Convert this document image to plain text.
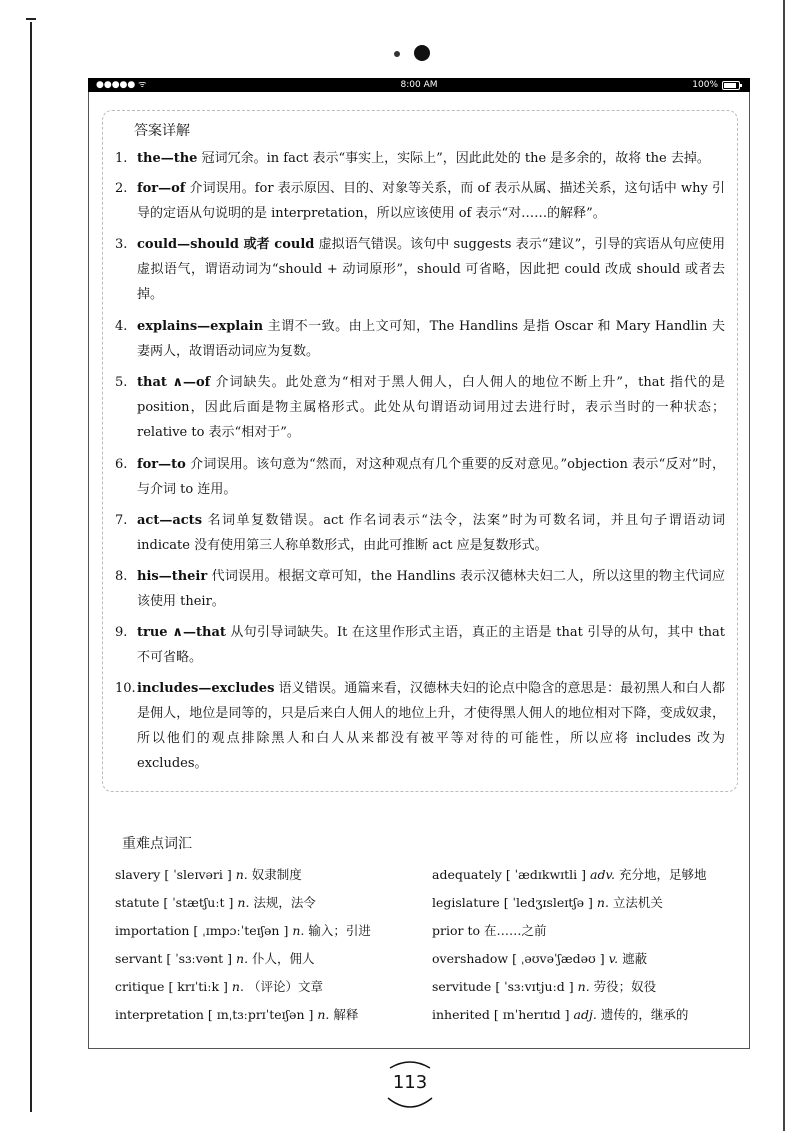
●●●●● ᯤ	8:00 AM	100%
答案详解
1. the—the 冠词冗余。in fact 表示“事实上，实际上”，因此此处的 the 是多余的，故将 the 去掉。
2. for—of 介词误用。for 表示原因、目的、对象等关系，而 of 表示从属、描述关系，这句话中 why 引导的定语从句说明的是 interpretation，所以应该使用 of 表示“对……的解释”。
3. could—should 或者 could 虚拟语气错误。该句中 suggests 表示“建议”，引导的宾语从句应使用虚拟语气，谓语动词为“should + 动词原形”，should 可省略，因此把 could 改成 should 或者去掉。
4. explains—explain 主谓不一致。由上文可知，The Handlins 是指 Oscar 和 Mary Handlin 夫妻两人，故谓语动词应为复数。
5. that ∧—of 介词缺失。此处意为“相对于黑人佣人，白人佣人的地位不断上升”，that 指代的是 position，因此后面是物主属格形式。此处从句谓语动词用过去进行时，表示当时的一种状态；relative to 表示“相对于”。
6. for—to 介词误用。该句意为“然而，对这种观点有几个重要的反对意见。”objection 表示“反对”时，与介词 to 连用。
7. act—acts 名词单复数错误。act 作名词表示“法令，法案”时为可数名词，并且句子谓语动词 indicate 没有使用第三人称单数形式，由此可推断 act 应是复数形式。
8. his—their 代词误用。根据文章可知，the Handlins 表示汉德林夫妇二人，所以这里的物主代词应该使用 their。
9. true ∧—that 从句引导词缺失。It 在这里作形式主语，真正的主语是 that 引导的从句，其中 that 不可省略。
10. includes—excludes 语义错误。通篇来看，汉德林夫妇的论点中隐含的意思是：最初黑人和白人都是佣人，地位是同等的，只是后来白人佣人的地位上升，才使得黑人佣人的地位相对下降，变成奴隶，所以他们的观点排除黑人和白人从来都没有被平等对待的可能性，所以应将 includes 改为 excludes。
重难点词汇
slavery [ ˈsleɪvəri ] n. 奴隶制度
statute [ ˈstætʃuːt ] n. 法规，法令
importation [ ˌɪmpɔːˈteɪʃən ] n. 输入；引进
servant [ ˈsɜːvənt ] n. 仆人，佣人
critique [ krɪˈtiːk ] n. （评论）文章
interpretation [ ɪnˌtɜːprɪˈteɪʃən ] n. 解释
adequately [ ˈædɪkwɪtli ] adv. 充分地，足够地
legislature [ ˈledʒɪsleɪtʃə ] n. 立法机关
prior to 在……之前
overshadow [ ˌəʊvəˈʃædəʊ ] v. 遮蔽
servitude [ ˈsɜːvɪtjuːd ] n. 劳役；奴役
inherited [ ɪnˈherɪtɪd ] adj. 遗传的，继承的
113
